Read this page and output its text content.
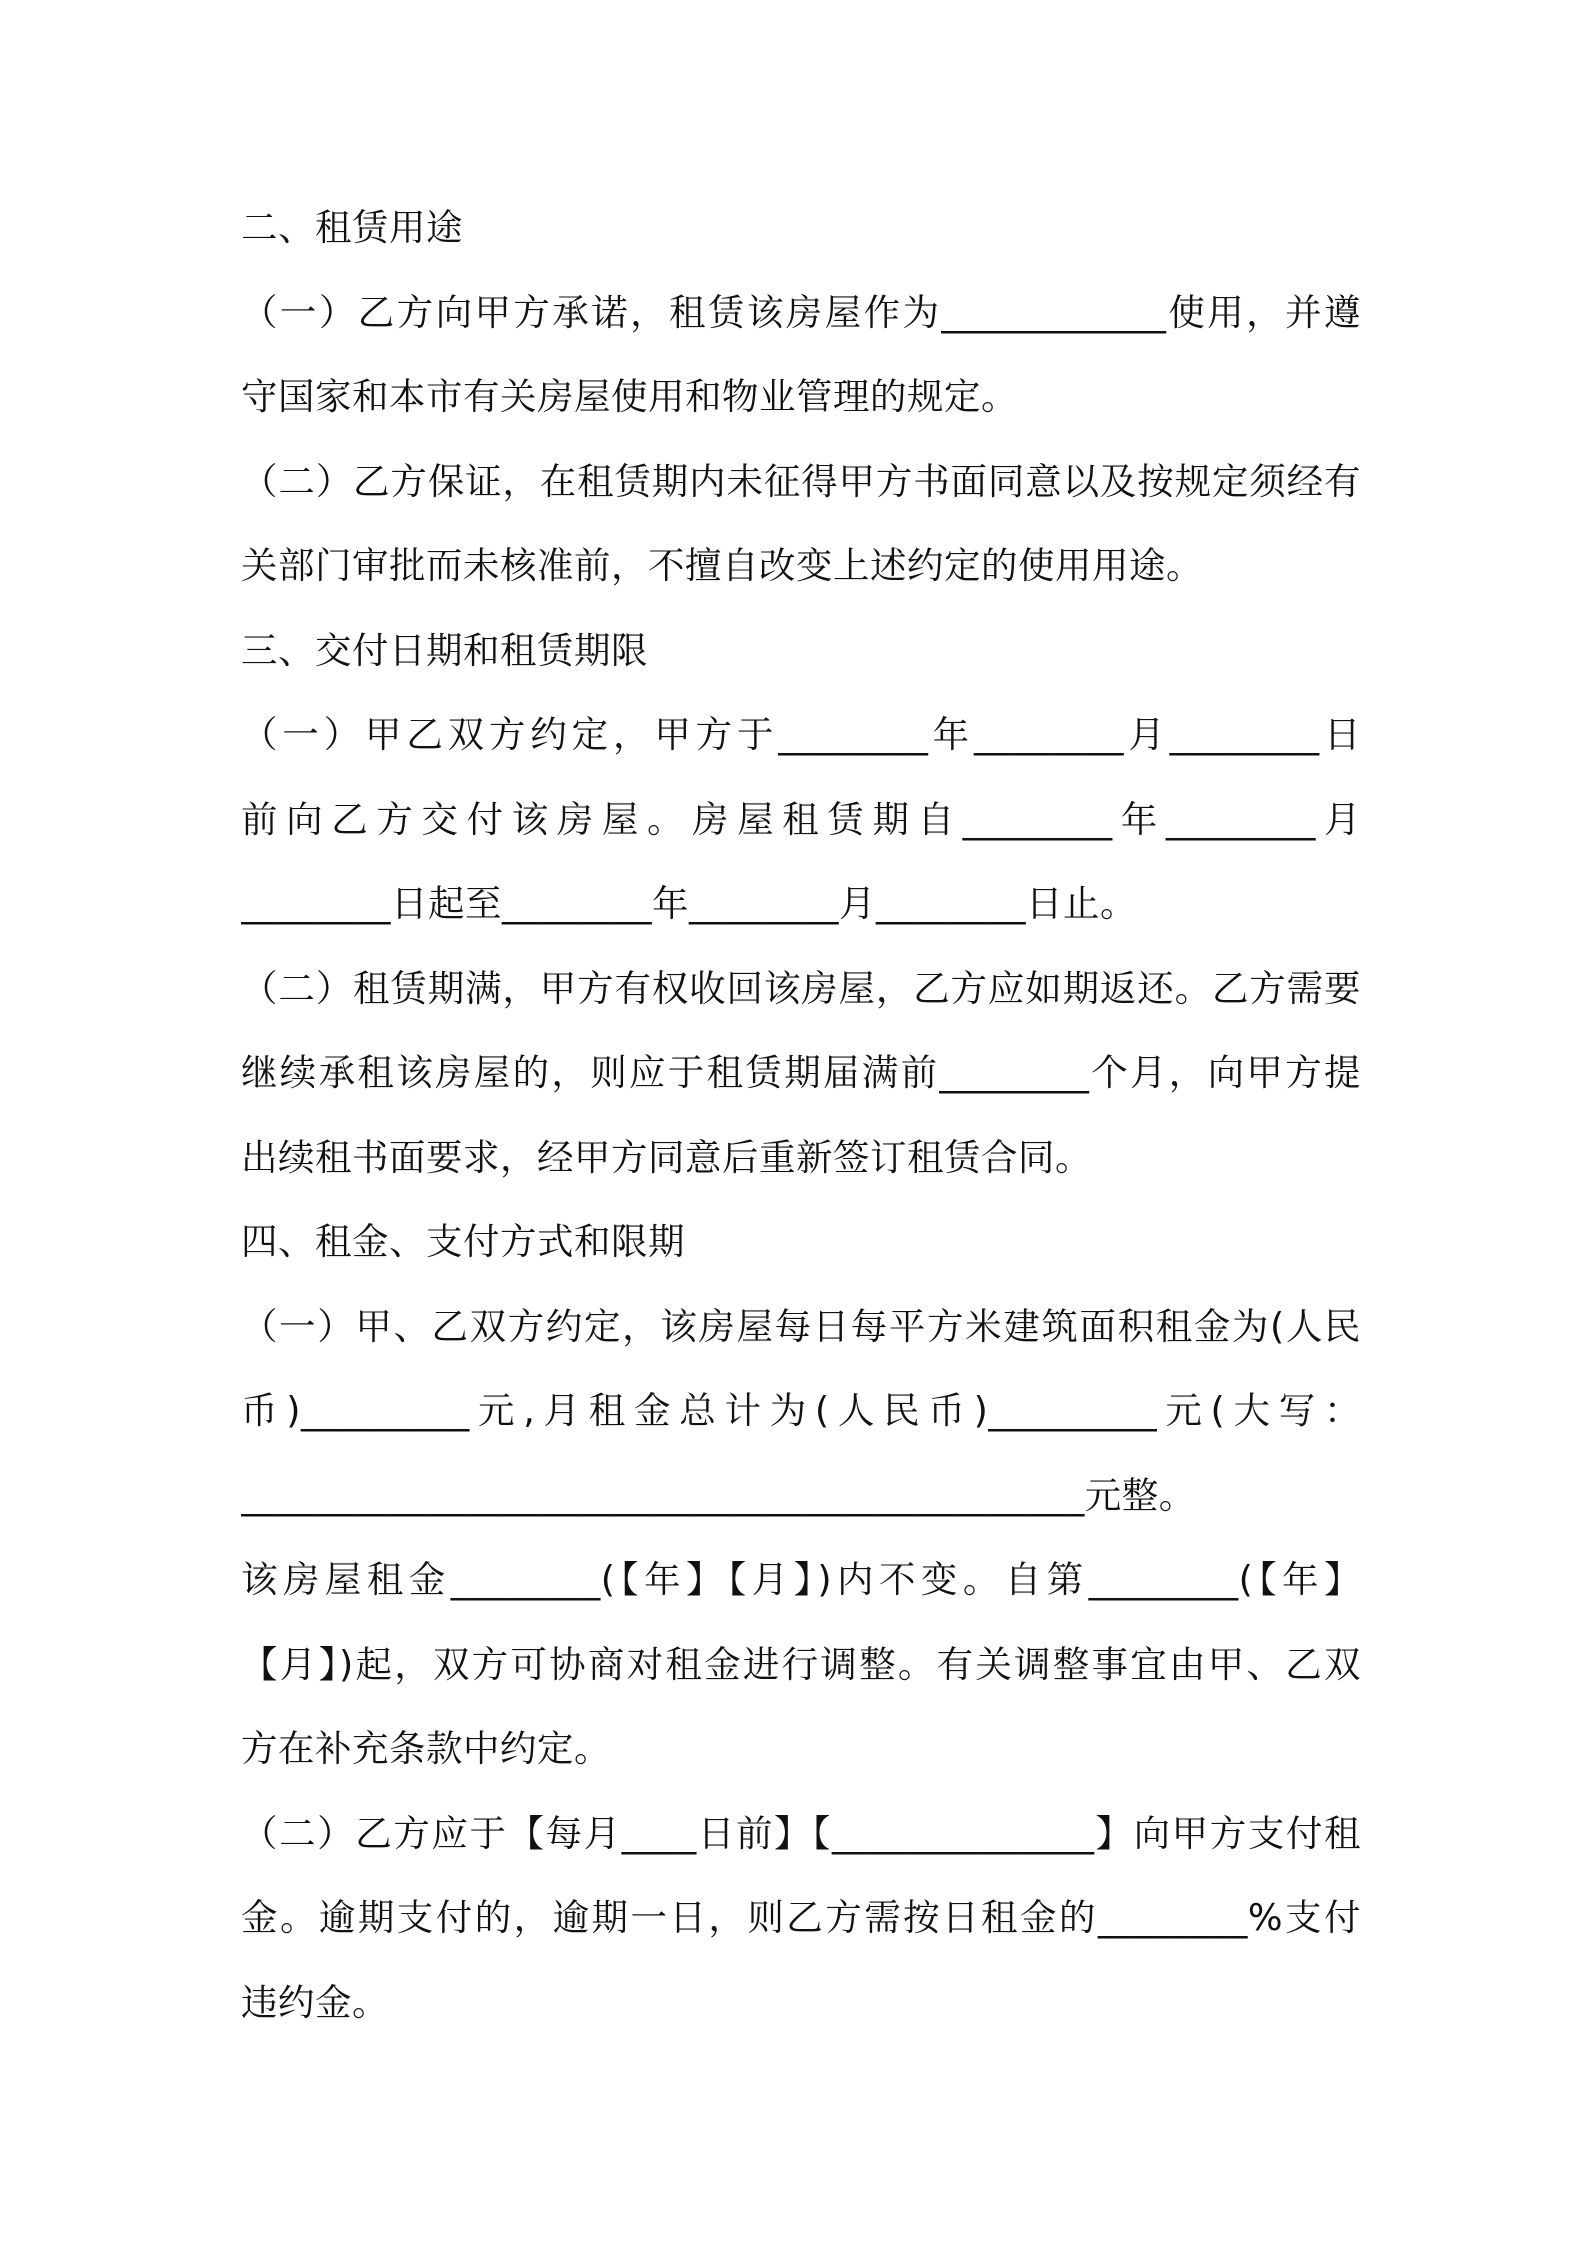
二、租赁用途
（一）乙方向甲方承诺，租赁该房屋作为____________使用，并遵
守国家和本市有关房屋使用和物业管理的规定。
（二）乙方保证，在租赁期内未征得甲方书面同意以及按规定须经有
关部门审批而未核准前，不擅自改变上述约定的使用用途。
三、交付日期和租赁期限
（一）甲乙双方约定，甲方于________年________月________日
前向乙方交付该房屋。房屋租赁期自________年________月
________日起至________年________月________日止。
（二）租赁期满，甲方有权收回该房屋，乙方应如期返还。乙方需要
继续承租该房屋的，则应于租赁期届满前________个月，向甲方提
出续租书面要求，经甲方同意后重新签订租赁合同。
四、租金、支付方式和限期
（一）甲、乙双方约定，该房屋每日每平方米建筑面积租金为(人民
币)_________元,月租金总计为(人民币)_________元(大写：
_____________________________________________元整。
该房屋租金________(【年】【月】)内不变。自第________(【年】
【月】)起，双方可协商对租金进行调整。有关调整事宜由甲、乙双
方在补充条款中约定。
（二）乙方应于【每月____日前】【______________】向甲方支付租
金。逾期支付的，逾期一日，则乙方需按日租金的________%支付
违约金。
